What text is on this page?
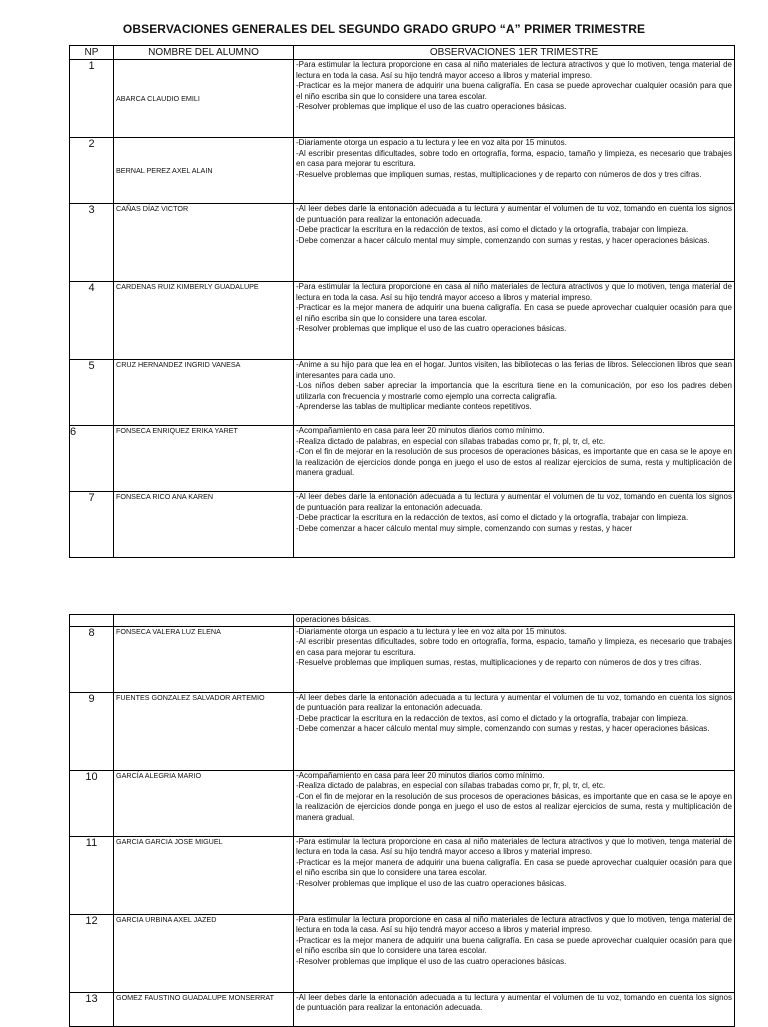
OBSERVACIONES GENERALES DEL SEGUNDO GRADO GRUPO “A” PRIMER TRIMESTRE
NP	NOMBRE DEL ALUMNO	OBSERVACIONES 1ER TRIMESTRE
1	ABARCA CLAUDIO EMILI	-Para estimular la lectura proporcione en casa al niño materiales de lectura atractivos y que lo motiven, tenga material de lectura en toda la casa. Así su hijo tendrá mayor acceso a libros y material impreso.
-Practicar es la mejor manera de adquirir una buena caligrafía. En casa se puede aprovechar cualquier ocasión para que el niño escriba sin que lo considere una tarea escolar.
-Resolver problemas que implique el uso de las cuatro operaciones básicas.

2	BERNAL PEREZ AXEL ALAIN	-Diariamente otorga un espacio a tu lectura y lee en voz alta por 15 minutos.
-Al escribir presentas dificultades, sobre todo en ortografía, forma, espacio, tamaño y limpieza, es necesario que trabajes en casa para mejorar tu escritura.
-Resuelve problemas que impliquen sumas, restas, multiplicaciones y de reparto con números de dos y tres cifras.

3	CAÑAS DÍAZ VICTOR	-Al leer debes darle la entonación adecuada a tu lectura y aumentar el volumen de tu voz, tomando en cuenta los signos de puntuación para realizar la entonación adecuada.
-Debe practicar la escritura en la redacción de textos, así como el dictado y la ortografía, trabajar con limpieza.
-Debe comenzar a hacer cálculo mental muy simple, comenzando con sumas y restas, y hacer operaciones básicas.

4	CARDENAS RUIZ KIMBERLY GUADALUPE	-Para estimular la lectura proporcione en casa al niño materiales de lectura atractivos y que lo motiven, tenga material de lectura en toda la casa. Así su hijo tendrá mayor acceso a libros y material impreso.
-Practicar es la mejor manera de adquirir una buena caligrafía. En casa se puede aprovechar cualquier ocasión para que el niño escriba sin que lo considere una tarea escolar.
-Resolver problemas que implique el uso de las cuatro operaciones básicas.

5	CRUZ HERNANDEZ INGRID VANESA	-Anime a su hijo para que lea en el hogar. Juntos visiten, las bibliotecas o las ferias de libros. Seleccionen libros que sean interesantes para cada uno.
-Los niños deben saber apreciar la importancia que la escritura tiene en la comunicación, por eso los padres deben utilizarla con frecuencia y mostrarle como ejemplo una correcta caligrafía.
-Aprenderse las tablas de multiplicar mediante conteos repetitivos.

6	FONSECA ENRIQUEZ ERIKA YARET	-Acompañamiento en casa para leer 20 minutos diarios como mínimo.
-Realiza dictado de palabras, en especial con sílabas trabadas como pr, fr, pl, tr, cl, etc.
-Con el fin de mejorar en la resolución de sus procesos de operaciones básicas, es importante que en casa se le apoye en la realización de ejercicios donde ponga en juego el uso de estos al realizar ejercicios de suma, resta y multiplicación de manera gradual.

7	FONSECA RICO ANA KAREN	-Al leer debes darle la entonación adecuada a tu lectura y aumentar el volumen de tu voz, tomando en cuenta los signos de puntuación para realizar la entonación adecuada.
-Debe practicar la escritura en la redacción de textos, así como el dictado y la ortografía, trabajar con limpieza.
-Debe comenzar a hacer cálculo mental muy simple, comenzando con sumas y restas, y hacer
		operaciones básicas.
8	FONSECA VALERA LUZ ELENA	-Diariamente otorga un espacio a tu lectura y lee en voz alta por 15 minutos.
-Al escribir presentas dificultades, sobre todo en ortografía, forma, espacio, tamaño y limpieza, es necesario que trabajes en casa para mejorar tu escritura.
-Resuelve problemas que impliquen sumas, restas, multiplicaciones y de reparto con números de dos y tres cifras.

9	FUENTES GONZALEZ SALVADOR ARTEMIO	-Al leer debes darle la entonación adecuada a tu lectura y aumentar el volumen de tu voz, tomando en cuenta los signos de puntuación para realizar la entonación adecuada.
-Debe practicar la escritura en la redacción de textos, así como el dictado y la ortografía, trabajar con limpieza.
-Debe comenzar a hacer cálculo mental muy simple, comenzando con sumas y restas, y hacer operaciones básicas.

10	GARCÍA ALEGRIA MARIO	-Acompañamiento en casa para leer 20 minutos diarios como mínimo.
-Realiza dictado de palabras, en especial con sílabas trabadas como pr, fr, pl, tr, cl, etc.
-Con el fin de mejorar en la resolución de sus procesos de operaciones básicas, es importante que en casa se le apoye en la realización de ejercicios donde ponga en juego el uso de estos al realizar ejercicios de suma, resta y multiplicación de manera gradual.

11	GARCIA GARCIA JOSE MIGUEL	-Para estimular la lectura proporcione en casa al niño materiales de lectura atractivos y que lo motiven, tenga material de lectura en toda la casa. Así su hijo tendrá mayor acceso a libros y material impreso.
-Practicar es la mejor manera de adquirir una buena caligrafía. En casa se puede aprovechar cualquier ocasión para que el niño escriba sin que lo considere una tarea escolar.
-Resolver problemas que implique el uso de las cuatro operaciones básicas.

12	GARCIA URBINA AXEL JAZED	-Para estimular la lectura proporcione en casa al niño materiales de lectura atractivos y que lo motiven, tenga material de lectura en toda la casa. Así su hijo tendrá mayor acceso a libros y material impreso.
-Practicar es la mejor manera de adquirir una buena caligrafía. En casa se puede aprovechar cualquier ocasión para que el niño escriba sin que lo considere una tarea escolar.
-Resolver problemas que implique el uso de las cuatro operaciones básicas.

13	GOMEZ FAUSTINO GUADALUPE MONSERRAT	-Al leer debes darle la entonación adecuada a tu lectura y aumentar el volumen de tu voz, tomando en cuenta los signos de puntuación para realizar la entonación adecuada.
